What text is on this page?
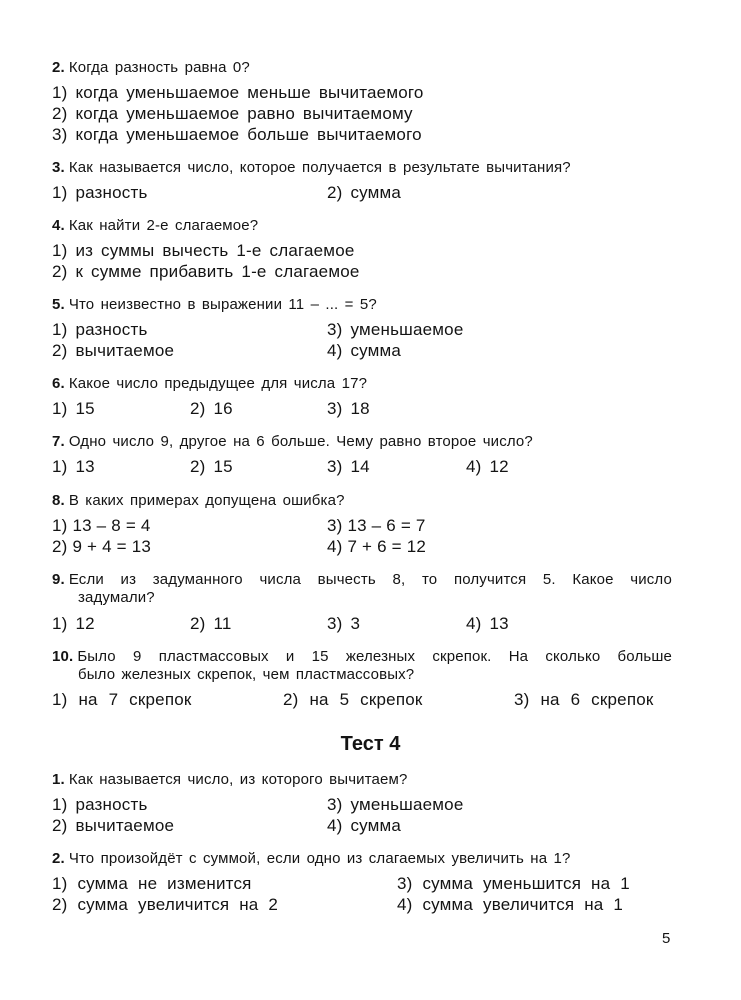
2. Когда разность равна 0?
1) когда уменьшаемое меньше вычитаемого
2) когда уменьшаемое равно вычитаемому
3) когда уменьшаемое больше вычитаемого
3. Как называется число, которое получается в результате вычитания?
1) разность	2) сумма
4. Как найти 2-е слагаемое?
1) из суммы вычесть 1-е слагаемое
2) к сумме прибавить 1-е слагаемое
5. Что неизвестно в выражении 11 – ... = 5?
1) разность	3) уменьшаемое
2) вычитаемое	4) сумма
6. Какое число предыдущее для числа 17?
1) 15	2) 16	3) 18
7. Одно число 9, другое на 6 больше. Чему равно второе число?
1) 13	2) 15	3) 14	4) 12
8. В каких примерах допущена ошибка?
1) 13 – 8 = 4	3) 13 – 6 = 7
2) 9 + 4 = 13	4) 7 + 6 = 12
9. Если из задуманного числа вычесть 8, то получится 5. Какое число
задумали?
1) 12	2) 11	3) 3	4) 13
10. Было 9 пластмассовых и 15 железных скрепок. На сколько больше
было железных скрепок, чем пластмассовых?
1) на 7 скрепок	2) на 5 скрепок	3) на 6 скрепок
Тест 4
1. Как называется число, из которого вычитаем?
1) разность	3) уменьшаемое
2) вычитаемое	4) сумма
2. Что произойдёт с суммой, если одно из слагаемых увеличить на 1?
1) сумма не изменится	3) сумма уменьшится на 1
2) сумма увеличится на 2	4) сумма увеличится на 1
5
